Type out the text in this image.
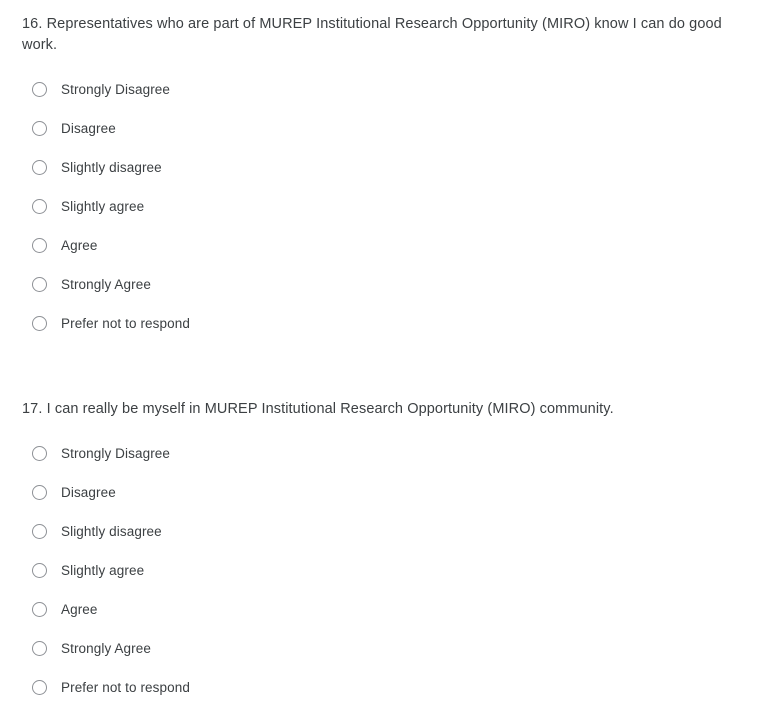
16. Representatives who are part of MUREP Institutional Research Opportunity (MIRO) know I can do good work.

Strongly Disagree
Disagree
Slightly disagree
Slightly agree
Agree
Strongly Agree
Prefer not to respond

17. I can really be myself in MUREP Institutional Research Opportunity (MIRO) community.

Strongly Disagree
Disagree
Slightly disagree
Slightly agree
Agree
Strongly Agree
Prefer not to respond
